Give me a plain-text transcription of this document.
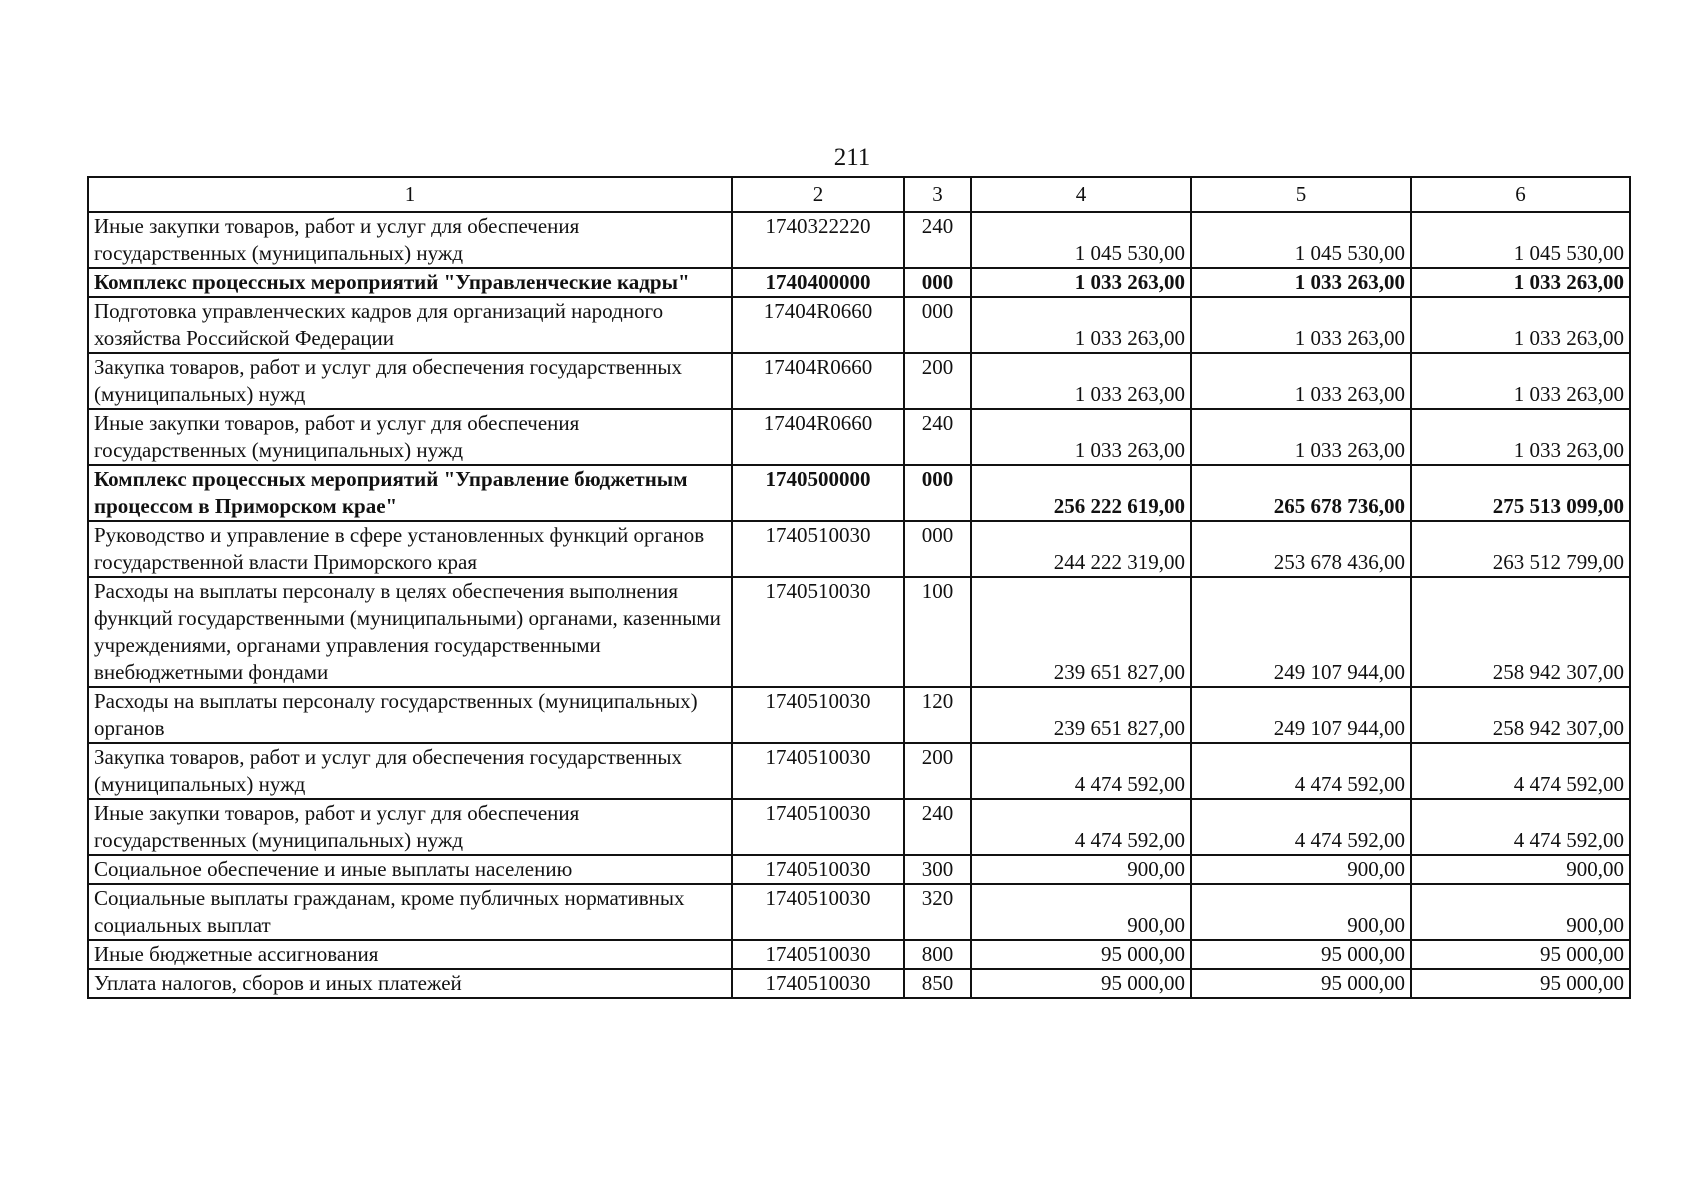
211
1	2	3	4	5	6
Иные закупки товаров, работ и услуг для обеспечения государственных (муниципальных) нужд	1740322220	240	1 045 530,00	1 045 530,00	1 045 530,00
Комплекс процессных мероприятий "Управленческие кадры"	1740400000	000	1 033 263,00	1 033 263,00	1 033 263,00
Подготовка управленческих кадров для организаций народного хозяйства Российской Федерации	17404R0660	000	1 033 263,00	1 033 263,00	1 033 263,00
Закупка товаров, работ и услуг для обеспечения государственных (муниципальных) нужд	17404R0660	200	1 033 263,00	1 033 263,00	1 033 263,00
Иные закупки товаров, работ и услуг для обеспечения государственных (муниципальных) нужд	17404R0660	240	1 033 263,00	1 033 263,00	1 033 263,00
Комплекс процессных мероприятий "Управление бюджетным процессом в Приморском крае"	1740500000	000	256 222 619,00	265 678 736,00	275 513 099,00
Руководство и управление в сфере установленных функций органов государственной власти Приморского края	1740510030	000	244 222 319,00	253 678 436,00	263 512 799,00
Расходы на выплаты персоналу в целях обеспечения выполнения функций государственными (муниципальными) органами, казенными учреждениями, органами управления государственными внебюджетными фондами	1740510030	100	239 651 827,00	249 107 944,00	258 942 307,00
Расходы на выплаты персоналу государственных (муниципальных) органов	1740510030	120	239 651 827,00	249 107 944,00	258 942 307,00
Закупка товаров, работ и услуг для обеспечения государственных (муниципальных) нужд	1740510030	200	4 474 592,00	4 474 592,00	4 474 592,00
Иные закупки товаров, работ и услуг для обеспечения государственных (муниципальных) нужд	1740510030	240	4 474 592,00	4 474 592,00	4 474 592,00
Социальное обеспечение и иные выплаты населению	1740510030	300	900,00	900,00	900,00
Социальные выплаты гражданам, кроме публичных нормативных социальных выплат	1740510030	320	900,00	900,00	900,00
Иные бюджетные ассигнования	1740510030	800	95 000,00	95 000,00	95 000,00
Уплата налогов, сборов и иных платежей	1740510030	850	95 000,00	95 000,00	95 000,00
